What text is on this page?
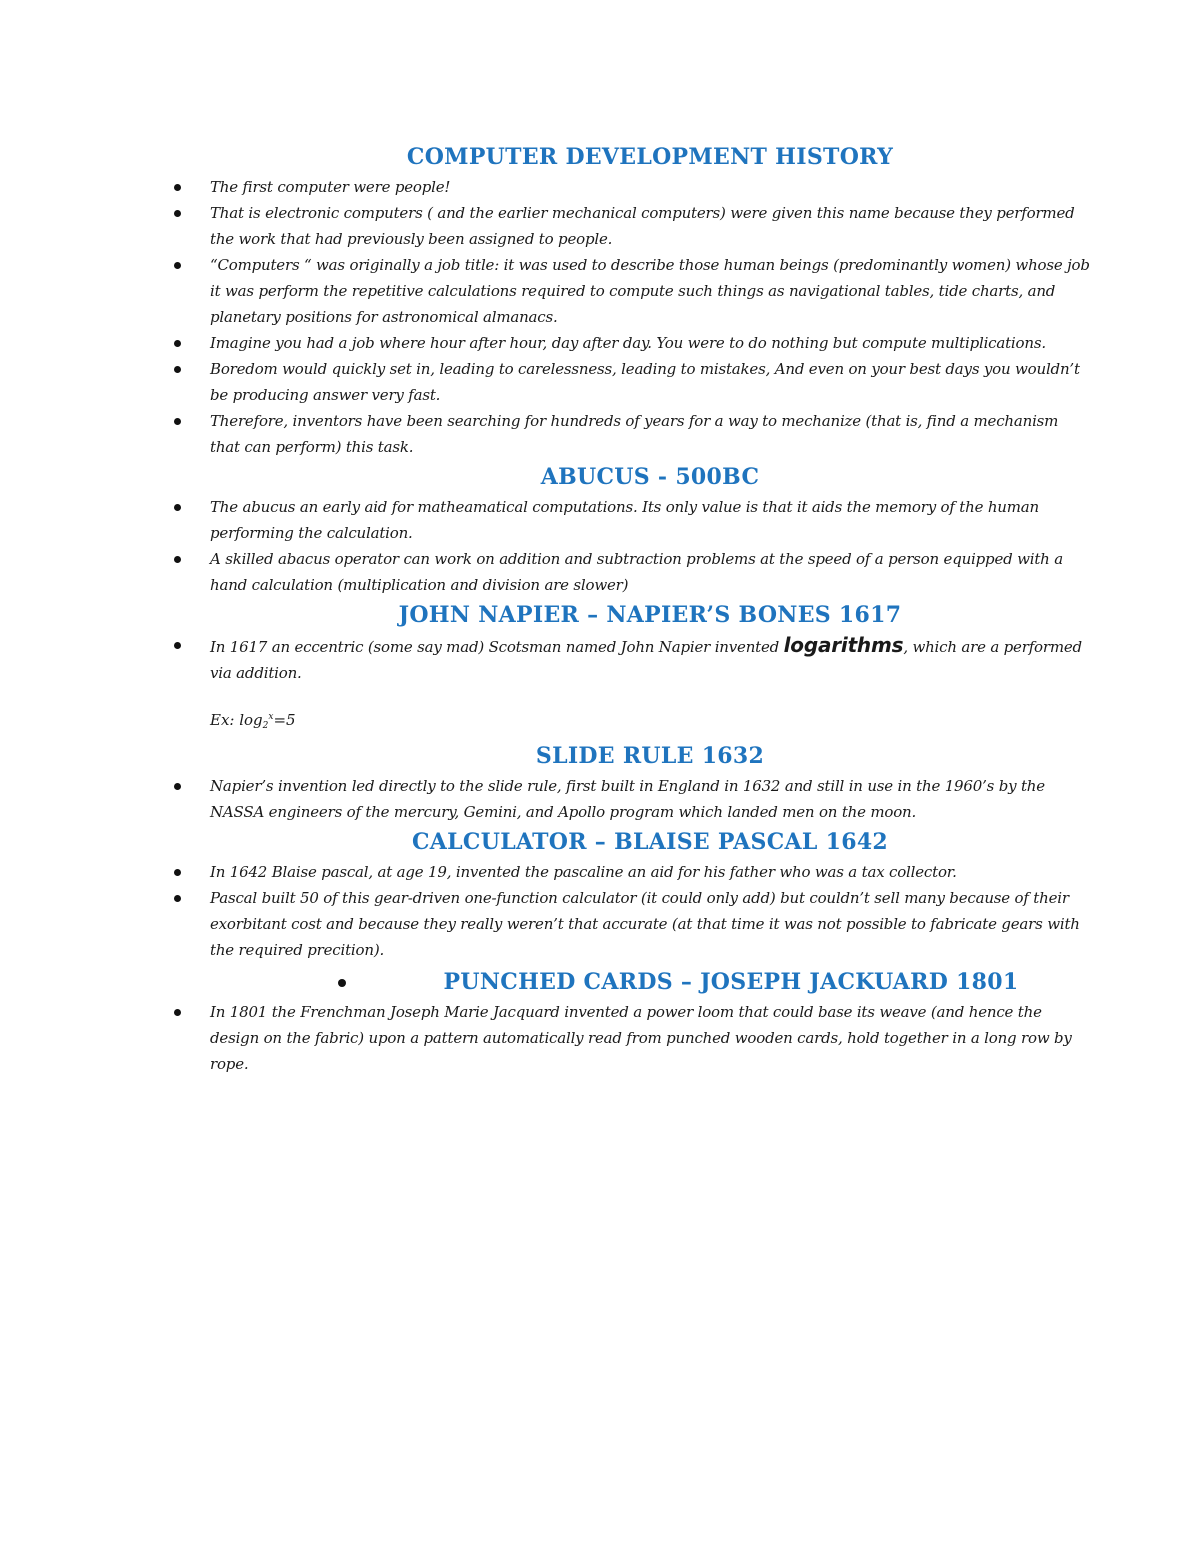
COMPUTER DEVELOPMENT HISTORY
The first computer were people!
That is electronic computers ( and the earlier mechanical computers) were given this name because they performed the work that had previously been assigned to people.
“Computers “ was originally a job title: it was used to describe those human beings (predominantly women) whose job it was perform the repetitive calculations required to compute such things as navigational tables, tide charts, and planetary positions for astronomical almanacs.
Imagine you had a job where hour after hour, day after day. You were to do nothing but compute multiplications.
Boredom would quickly set in, leading to carelessness, leading to mistakes, And even on your best days you wouldn’t be producing answer very fast.
Therefore, inventors have been searching for hundreds of years for a way to mechanize (that is, find a mechanism that can perform) this task.
ABUCUS - 500BC
The abucus an early aid for matheamatical computations. Its only value is that it aids the memory of the human performing the calculation.
A skilled abacus operator can work on addition and subtraction problems at the speed of a person equipped with a hand calculation (multiplication and division are slower)
JOHN NAPIER – NAPIER’S BONES 1617
In 1617 an eccentric (some say mad) Scotsman named John Napier invented logarithms, which are a performed via addition.
Ex: $\log_2^x=5$
SLIDE RULE 1632
Napier’s invention led directly to the slide rule, first built in England in 1632 and still in use in the 1960’s by the NASSA engineers of the mercury, Gemini, and Apollo program which landed men on the moon.
CALCULATOR – BLAISE PASCAL 1642
In 1642 Blaise pascal, at age 19, invented the pascaline an aid for his father who was a tax collector.
Pascal built 50 of this gear-driven one-function calculator (it could only add) but couldn’t sell many because of their exorbitant cost and because they really weren’t that accurate (at that time it was not possible to fabricate gears with the required precition).
PUNCHED CARDS – JOSEPH JACKUARD 1801
In 1801 the Frenchman Joseph Marie Jacquard invented a power loom that could base its weave (and hence the design on the fabric) upon a pattern automatically read from punched wooden cards, hold together in a long row by rope.
